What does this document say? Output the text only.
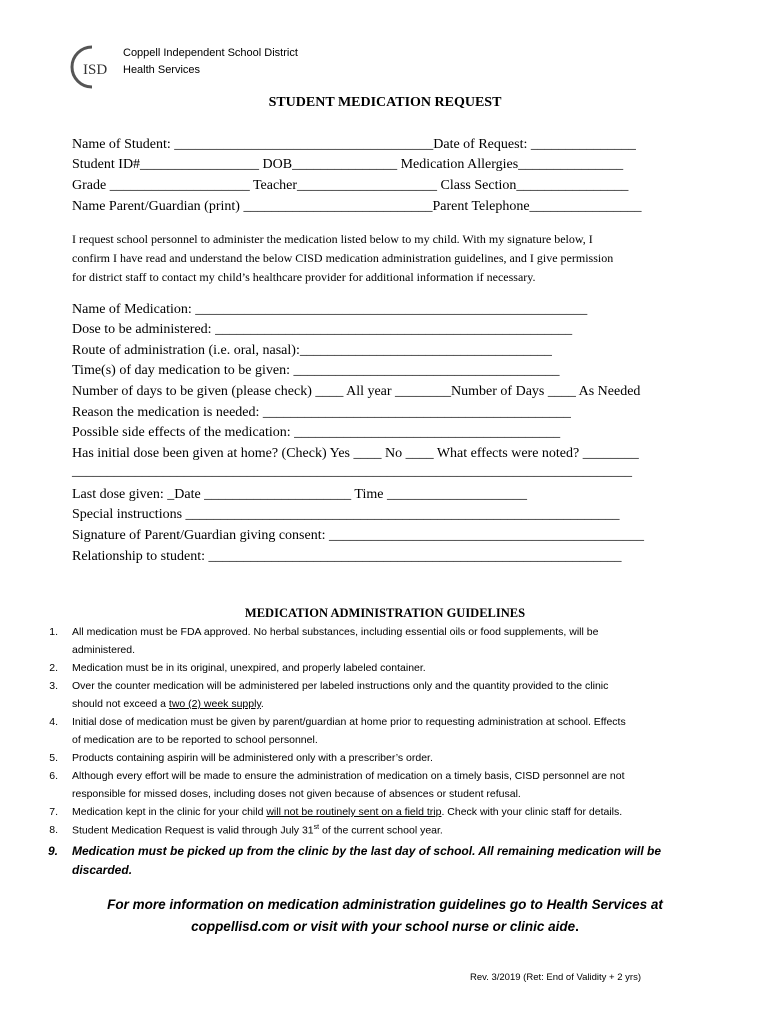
ISD
Coppell Independent School District
Health Services
STUDENT MEDICATION REQUEST
Name of Student: _____________________________________Date of Request: _______________
Student ID#_________________ DOB_______________ Medication Allergies_______________
Grade ____________________ Teacher____________________ Class Section________________
Name Parent/Guardian (print) ___________________________Parent Telephone________________
I request school personnel to administer the medication listed below to my child. With my signature below, I
confirm I have read and understand the below CISD medication administration guidelines, and I give permission
for district staff to contact my child’s healthcare provider for additional information if necessary.
Name of Medication: ________________________________________________________
Dose to be administered: ___________________________________________________
Route of administration (i.e. oral, nasal):____________________________________
Time(s) of day medication to be given: ______________________________________
Number of days to be given (please check) ____ All year ________Number of Days ____ As Needed
Reason the medication is needed: ____________________________________________
Possible side effects of the medication: ______________________________________
Has initial dose been given at home? (Check) Yes ____ No ____ What effects were noted? ________
________________________________________________________________________________
Last dose given: _Date _____________________ Time ____________________
Special instructions ______________________________________________________________
Signature of Parent/Guardian giving consent: _____________________________________________
Relationship to student: ___________________________________________________________
MEDICATION ADMINISTRATION GUIDELINES
1. All medication must be FDA approved. No herbal substances, including essential oils or food supplements, will be
administered.
2. Medication must be in its original, unexpired, and properly labeled container.
3. Over the counter medication will be administered per labeled instructions only and the quantity provided to the clinic
should not exceed a two (2) week supply.
4. Initial dose of medication must be given by parent/guardian at home prior to requesting administration at school. Effects
of medication are to be reported to school personnel.
5. Products containing aspirin will be administered only with a prescriber’s order.
6. Although every effort will be made to ensure the administration of medication on a timely basis, CISD personnel are not
responsible for missed doses, including doses not given because of absences or student refusal.
7. Medication kept in the clinic for your child will not be routinely sent on a field trip. Check with your clinic staff for details.
8. Student Medication Request is valid through July 31st of the current school year.
9. Medication must be picked up from the clinic by the last day of school. All remaining medication will be
discarded.
For more information on medication administration guidelines go to Health Services at
coppellisd.com or visit with your school nurse or clinic aide.
Rev. 3/2019 (Ret: End of Validity + 2 yrs)
